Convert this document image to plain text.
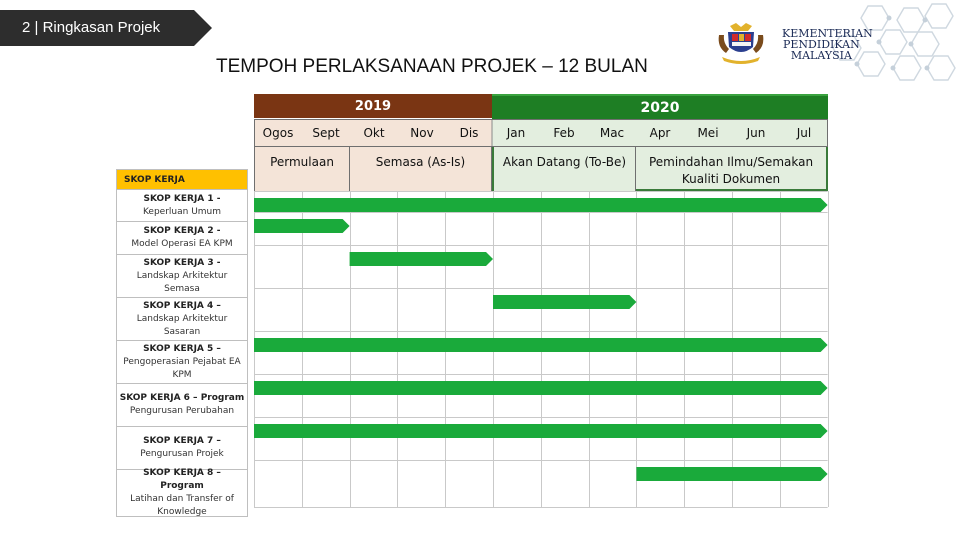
2 | Ringkasan Projek
TEMPOH PERLAKSANAAN PROJEK – 12 BULAN
KEMENTERIAN
PENDIDIKAN
MALAYSIA
2019	2020
Ogos	Sept	Okt	Nov	Dis	Jan	Feb	Mac	Apr	Mei	Jun	Jul
Permulaan	Semasa (As-Is)	Akan Datang (To-Be)	Pemindahan Ilmu/Semakan Kualiti Dokumen
SKOP KERJA
SKOP KERJA 1 -
Keperluan Umum
SKOP KERJA 2 -
Model Operasi EA KPM
SKOP KERJA 3 -
Landskap Arkitektur Semasa
SKOP KERJA 4 –
Landskap Arkitektur Sasaran
SKOP KERJA 5 –
Pengoperasian Pejabat EA KPM
SKOP KERJA 6 – Program
Pengurusan Perubahan
SKOP KERJA 7 –
Pengurusan Projek
SKOP KERJA 8 – Program
Latihan dan Transfer of Knowledge
